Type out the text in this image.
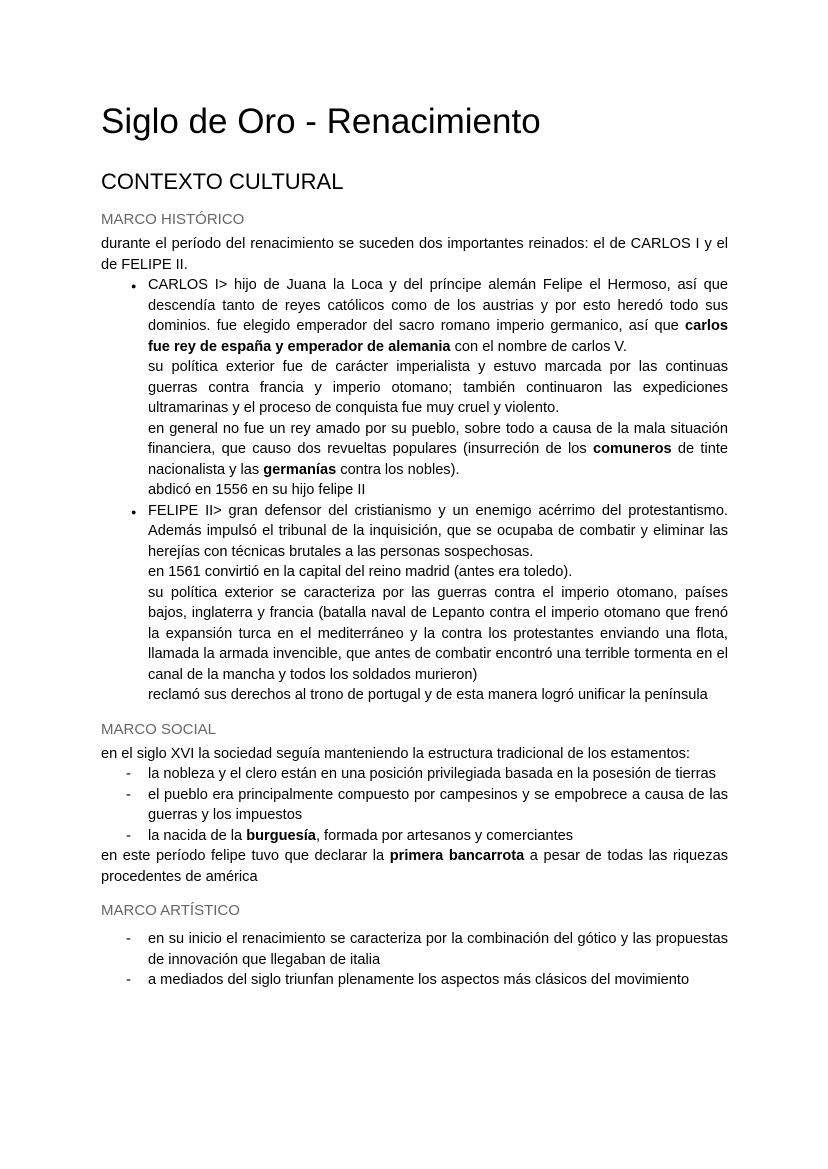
Siglo de Oro - Renacimiento
CONTEXTO CULTURAL
MARCO HISTÓRICO

durante el período del renacimiento se suceden dos importantes reinados: el de CARLOS I y el de FELIPE II.

● CARLOS I> hijo de Juana la Loca y del príncipe alemán Felipe el Hermoso, así que descendía tanto de reyes católicos como de los austrias y por esto heredó todo sus dominios. fue elegido emperador del sacro romano imperio germanico, así que carlos fue rey de españa y emperador de alemania con el nombre de carlos V.
su política exterior fue de carácter imperialista y estuvo marcada por las continuas guerras contra francia y imperio otomano; también continuaron las expediciones ultramarinas y el proceso de conquista fue muy cruel y violento.
en general no fue un rey amado por su pueblo, sobre todo a causa de la mala situación financiera, que causo dos revueltas populares (insurreción de los comuneros de tinte nacionalista y las germanías contra los nobles).
abdicó en 1556 en su hijo felipe II
● FELIPE II> gran defensor del cristianismo y un enemigo acérrimo del protestantismo. Además impulsó el tribunal de la inquisición, que se ocupaba de combatir y eliminar las herejías con técnicas brutales a las personas sospechosas.
en 1561 convirtió en la capital del reino madrid (antes era toledo).
su política exterior se caracteriza por las guerras contra el imperio otomano, países bajos, inglaterra y francia (batalla naval de Lepanto contra el imperio otomano que frenó la expansión turca en el mediterráneo y la contra los protestantes enviando una flota, llamada la armada invencible, que antes de combatir encontró una terrible tormenta en el canal de la mancha y todos los soldados murieron)
reclamó sus derechos al trono de portugal y de esta manera logró unificar la península
MARCO SOCIAL

en el siglo XVI la sociedad seguía manteniendo la estructura tradicional de los estamentos:

- la nobleza y el clero están en una posición privilegiada basada en la posesión de tierras
- el pueblo era principalmente compuesto por campesinos y se empobrece a causa de las guerras y los impuestos
- la nacida de la burguesía, formada por artesanos y comerciantes

en este período felipe tuvo que declarar la primera bancarrota a pesar de todas las riquezas procedentes de américa

MARCO ARTÍSTICO
- en su inicio el renacimiento se caracteriza por la combinación del gótico y las propuestas de innovación que llegaban de italia
- a mediados del siglo triunfan plenamente los aspectos más clásicos del movimiento
